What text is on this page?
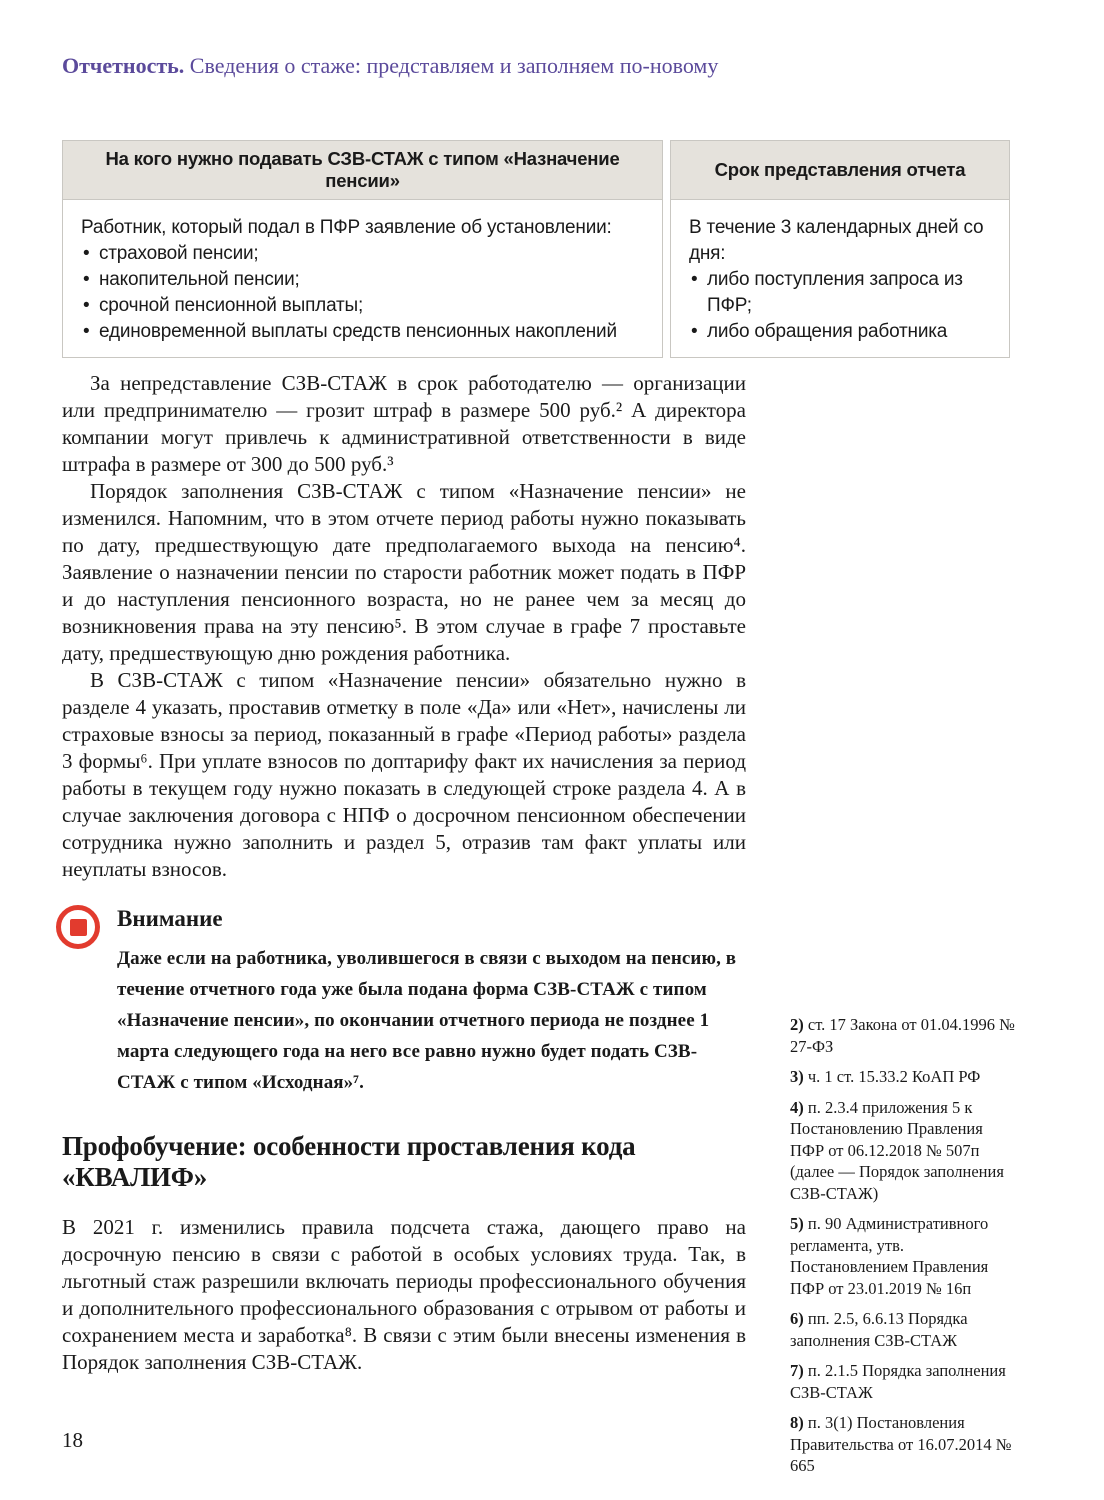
Отчетность. Сведения о стаже: представляем и заполняем по-новому
На кого нужно подавать СЗВ-СТАЖ с типом «Назначение пенсии»
Работник, который подал в ПФР заявление об установлении:
• страховой пенсии;
• накопительной пенсии;
• срочной пенсионной выплаты;
• единовременной выплаты средств пенсионных накоплений
Срок представления отчета
В течение 3 календарных дней со дня:
• либо поступления запроса из ПФР;
• либо обращения работника

За непредставление СЗВ-СТАЖ в срок работодателю — организации или предпринимателю — грозит штраф в размере 500 руб.² А директора компании могут привлечь к административной ответственности в виде штрафа в размере от 300 до 500 руб.³

Порядок заполнения СЗВ-СТАЖ с типом «Назначение пенсии» не изменился. Напомним, что в этом отчете период работы нужно показывать по дату, предшествующую дате предполагаемого выхода на пенсию⁴. Заявление о назначении пенсии по старости работник может подать в ПФР и до наступления пенсионного возраста, но не ранее чем за месяц до возникновения права на эту пенсию⁵. В этом случае в графе 7 проставьте дату, предшествующую дню рождения работника.

В СЗВ-СТАЖ с типом «Назначение пенсии» обязательно нужно в разделе 4 указать, проставив отметку в поле «Да» или «Нет», начислены ли страховые взносы за период, показанный в графе «Период работы» раздела 3 формы⁶. При уплате взносов по доптарифу факт их начисления за период работы в текущем году нужно показать в следующей строке раздела 4. А в случае заключения договора с НПФ о досрочном пенсионном обеспечении сотрудника нужно заполнить и раздел 5, отразив там факт уплаты или неуплаты взносов.

Внимание
Даже если на работника, уволившегося в связи с выходом на пенсию, в течение отчетного года уже была подана форма СЗВ-СТАЖ с типом «Назначение пенсии», по окончании отчетного периода не позднее 1 марта следующего года на него все равно нужно будет подать СЗВ-СТАЖ с типом «Исходная»⁷.
Профобучение: особенности проставления кода «КВАЛИФ»

В 2021 г. изменились правила подсчета стажа, дающего право на досрочную пенсию в связи с работой в особых условиях труда. Так, в льготный стаж разрешили включать периоды профессионального обучения и дополнительного профессионального образования с отрывом от работы и сохранением места и заработка⁸. В связи с этим были внесены изменения в Порядок заполнения СЗВ-СТАЖ.

2) ст. 17 Закона от 01.04.1996 № 27-ФЗ
3) ч. 1 ст. 15.33.2 КоАП РФ
4) п. 2.3.4 приложения 5 к Постановлению Правления ПФР от 06.12.2018 № 507п (далее — Порядок заполнения СЗВ-СТАЖ)
5) п. 90 Административного регламента, утв. Постановлением Правления ПФР от 23.01.2019 № 16п
6) пп. 2.5, 6.6.13 Порядка заполнения СЗВ-СТАЖ
7) п. 2.1.5 Порядка заполнения СЗВ-СТАЖ
8) п. 3(1) Постановления Правительства от 16.07.2014 № 665
18
